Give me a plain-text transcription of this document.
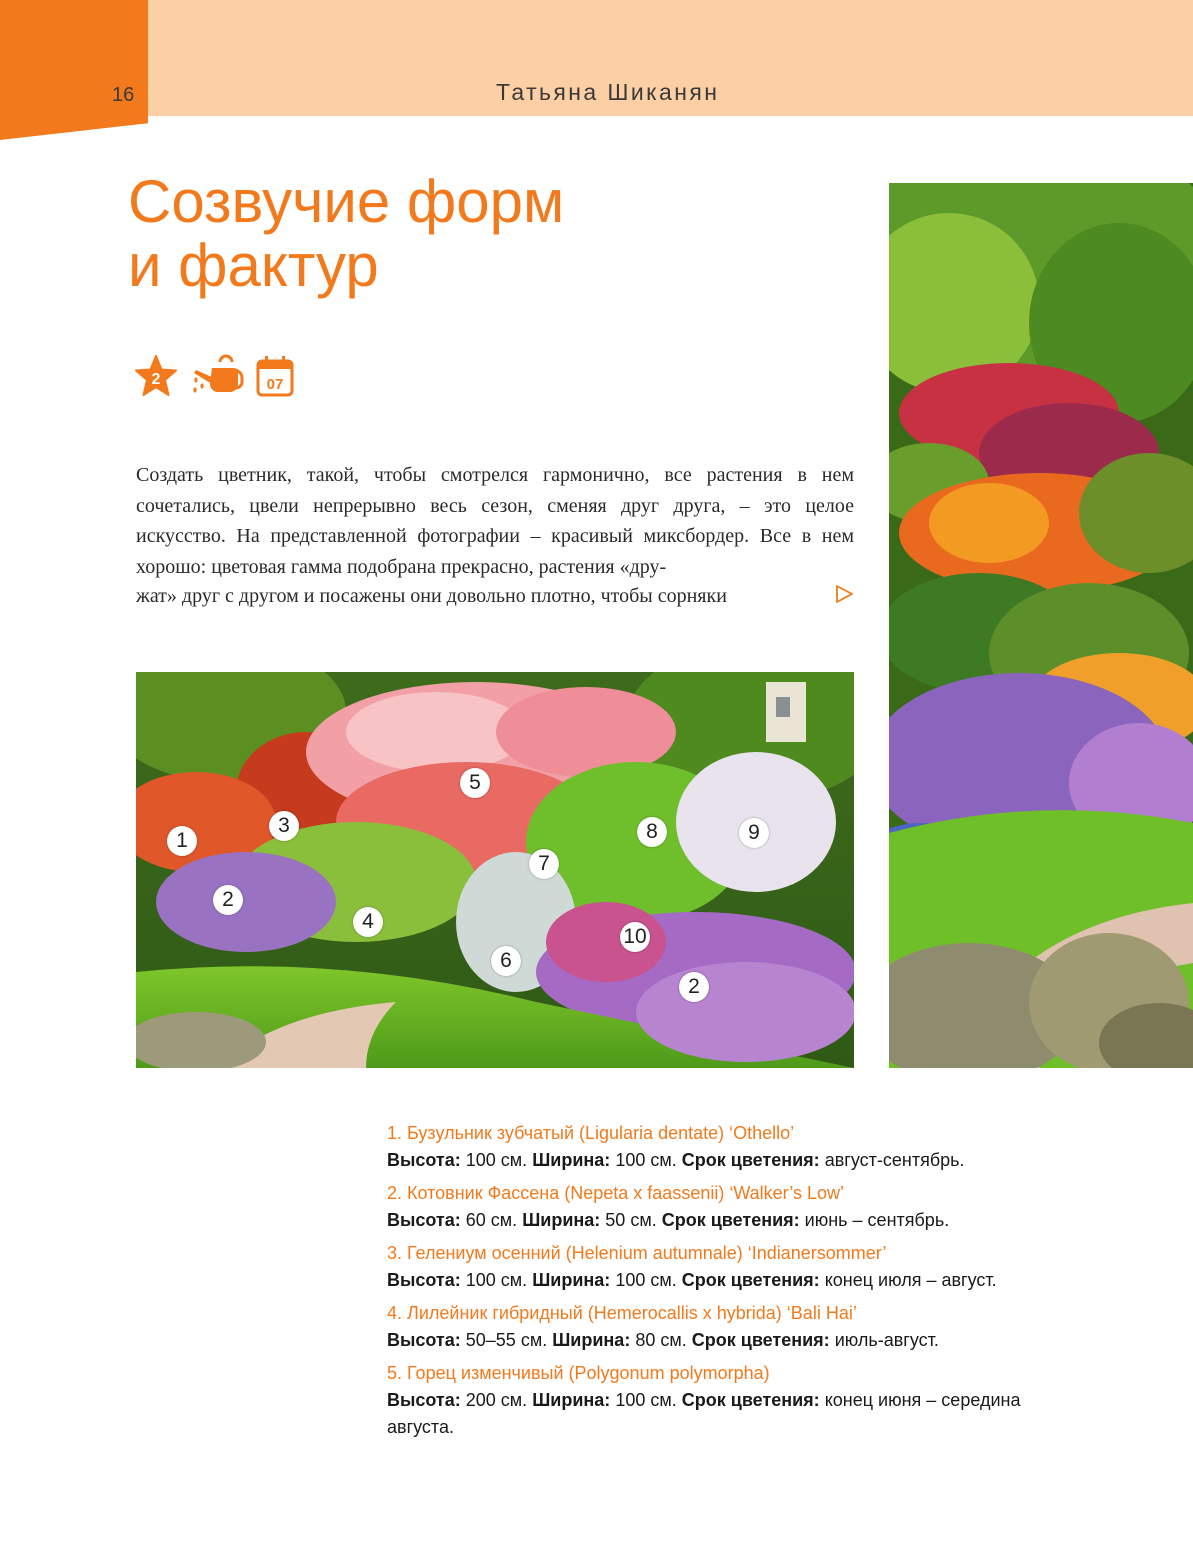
16	Татьяна Шиканян
Созвучие форм
и фактур
2	07
Создать цветник, такой, чтобы смотрелся гармонично, все растения в нем сочетались, цвели непрерывно весь сезон, сменяя друг друга, – это целое искусство. На представленной фотографии – красивый миксбордер. Все в нем хорошо: цветовая гамма подобрана прекрасно, растения «дру-
жат» друг с другом и посажены они довольно плотно, чтобы сорняки
1
2
3
4
5
6
7
8	9
10
2
1. Бузульник зубчатый (Ligularia dentate) ‘Othello’
Высота: 100 см. Ширина: 100 см. Срок цветения: август-сентябрь.
2. Котовник Фассена (Nepeta x faassenii) ‘Walker’s Low’
Высота: 60 см. Ширина: 50 см. Срок цветения: июнь – сентябрь.
3. Гелениум осенний (Helenium autumnale) ‘Indianersommer’
Высота: 100 см. Ширина: 100 см. Срок цветения: конец июля – август.
4. Лилейник гибридный (Hemerocallis x hybrida) ‘Bali Hai’
Высота: 50–55 см. Ширина: 80 см. Срок цветения: июль-август.
5. Горец изменчивый (Polygonum polymorpha)
Высота: 200 см. Ширина: 100 см. Срок цветения: конец июня – середина августа.
